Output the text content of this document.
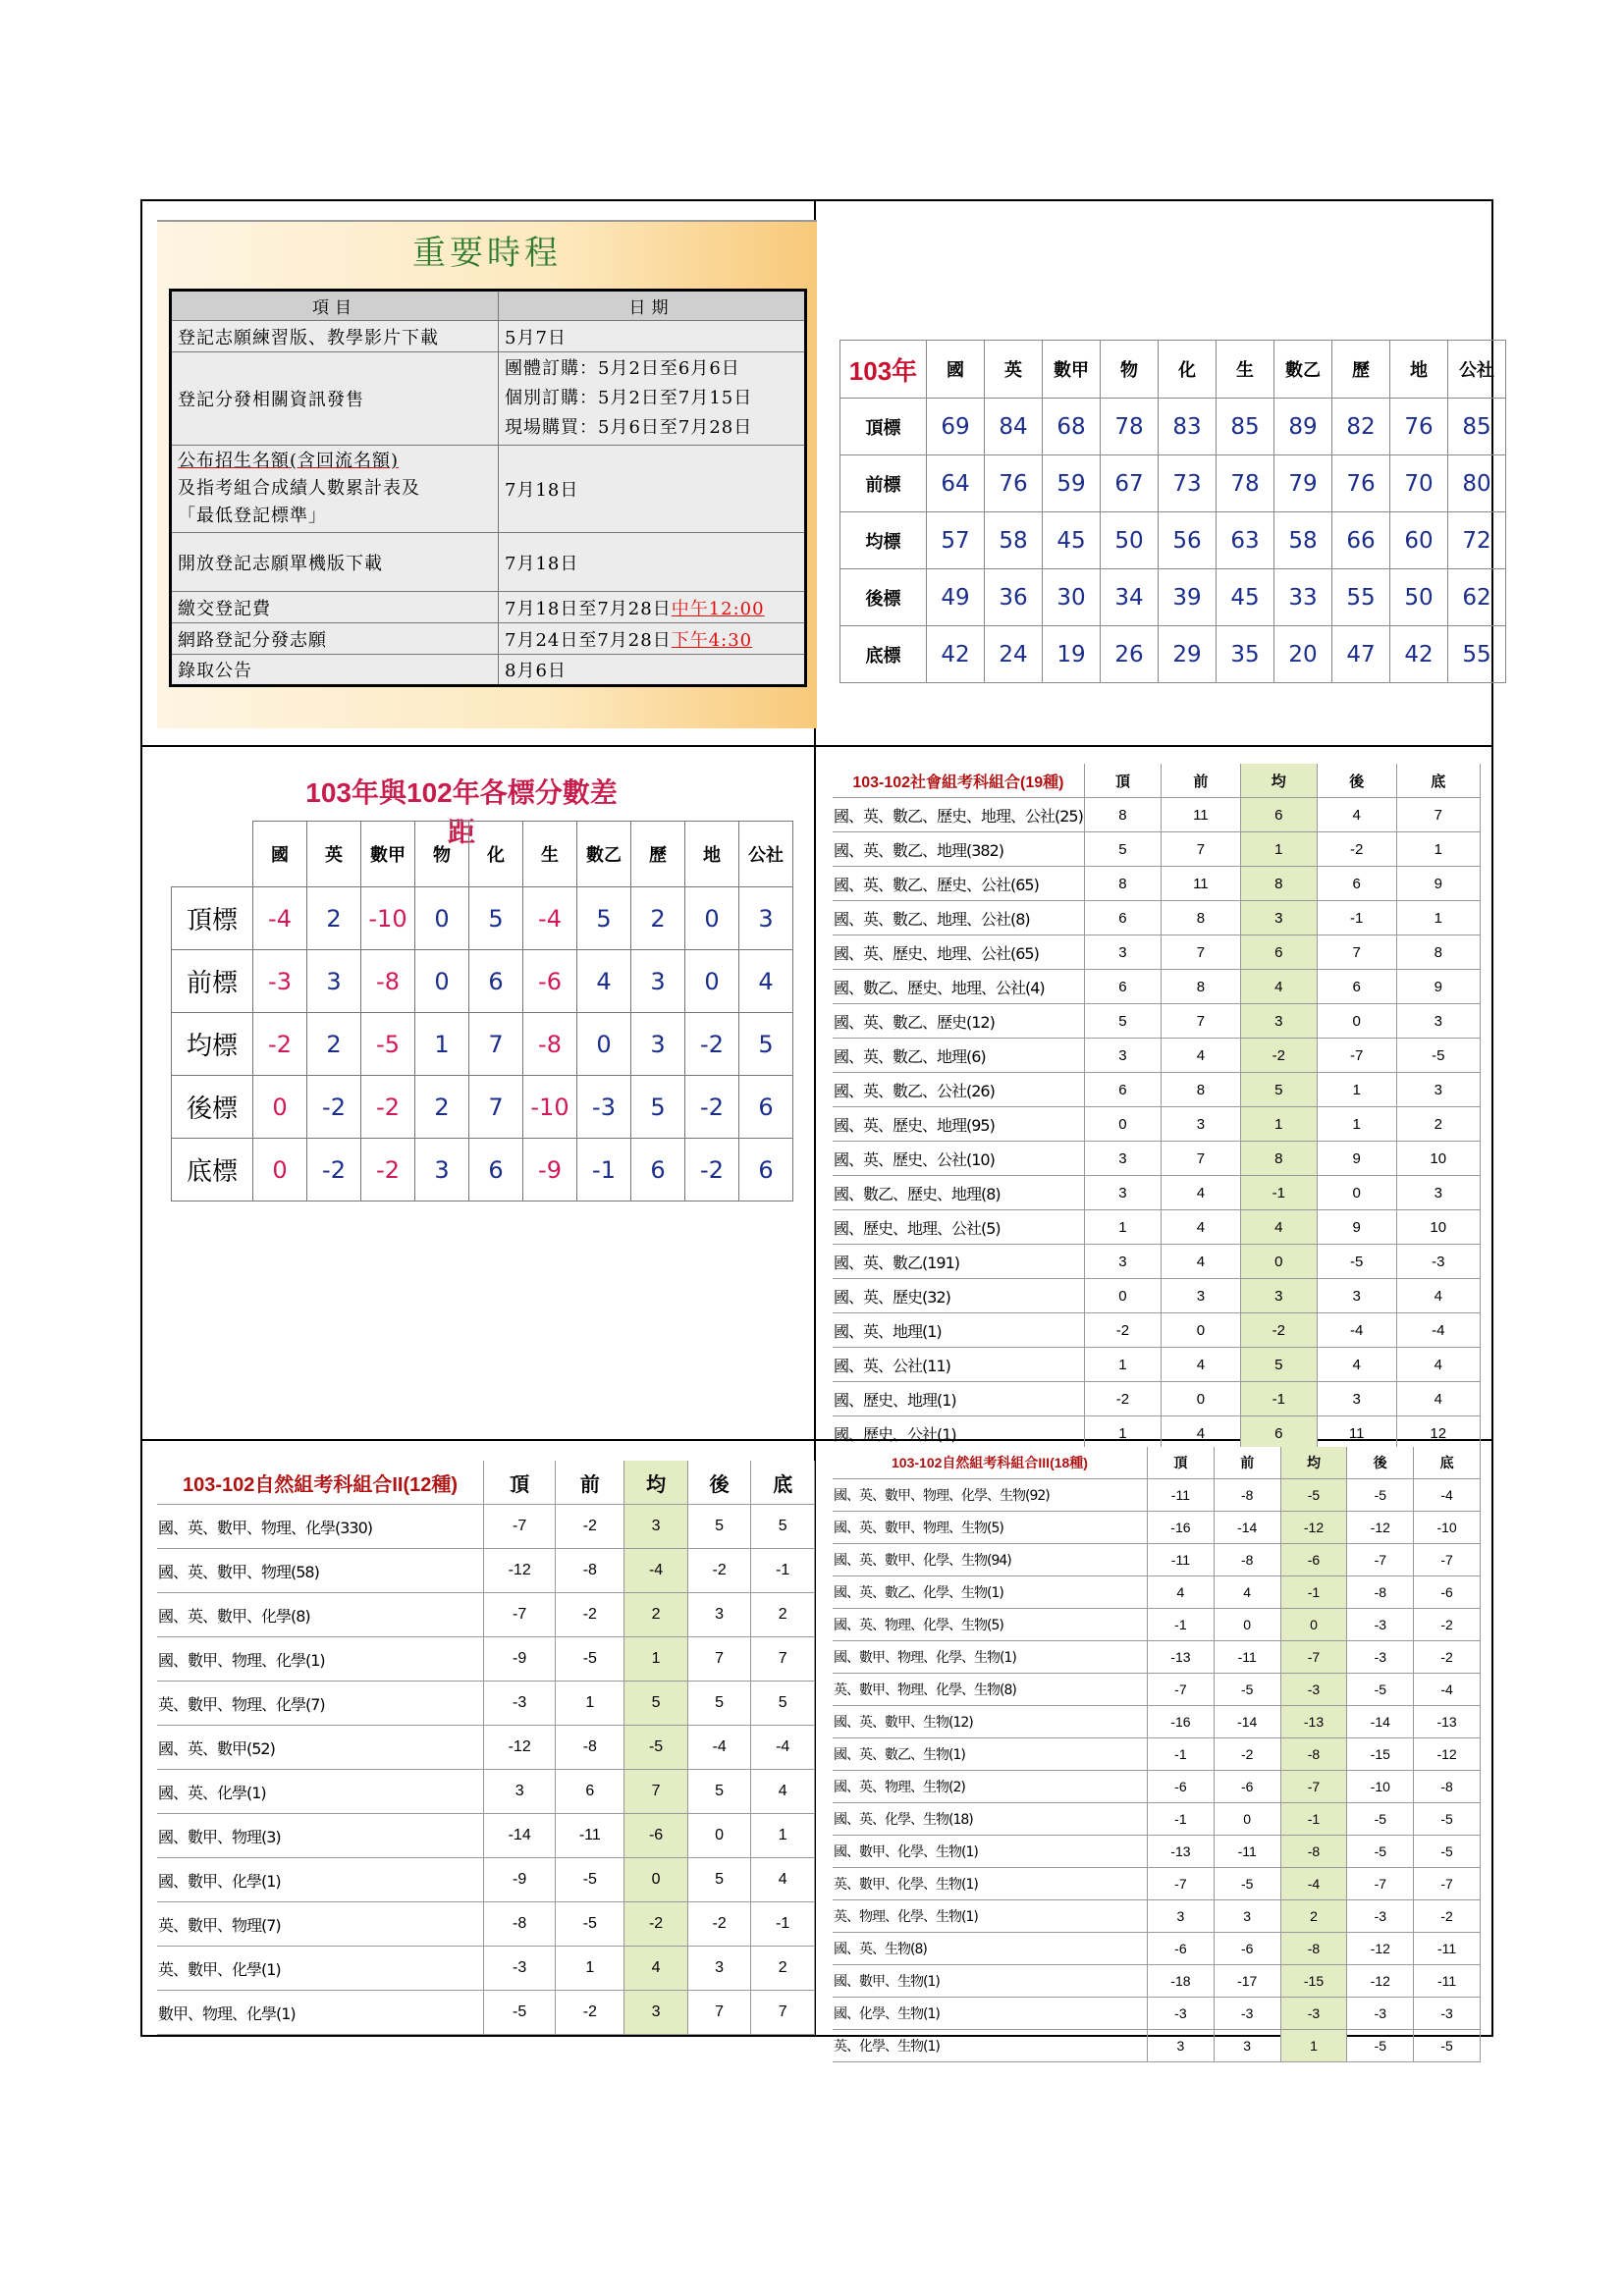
重要時程
項目	日期
登記志願練習版、教學影片下載	5月7日
登記分發相關資訊發售	團體訂購：5月2日至6月6日
個別訂購：5月2日至7月15日
現場購買：5月6日至7月28日

公布招生名額(含回流名額)
及指考組合成績人數累計表及
「最低登記標準」	7月18日
開放登記志願單機版下載	7月18日
繳交登記費	7月18日至7月28日中午12:00
網路登記分發志願	7月24日至7月28日下午4:30
錄取公告	8月6日
103年	國	英	數甲	物	化	生	數乙	歷	地	公社
頂標	69	84	68	78	83	85	89	82	76	85
前標	64	76	59	67	73	78	79	76	70	80
均標	57	58	45	50	56	63	58	66	60	72
後標	49	36	30	34	39	45	33	55	50	62
底標	42	24	19	26	29	35	20	47	42	55
103年與102年各標分數差距
	國	英	數甲	物	化	生	數乙	歷	地	公社
頂標	-4	2	-10	0	5	-4	5	2	0	3
前標	-3	3	-8	0	6	-6	4	3	0	4
均標	-2	2	-5	1	7	-8	0	3	-2	5
後標	0	-2	-2	2	7	-10	-3	5	-2	6
底標	0	-2	-2	3	6	-9	-1	6	-2	6
103-102社會組考科組合(19種)	頂	前	均	後	底
國、英、數乙、歷史、地理、公社(25)	8	11	6	4	7
國、英、數乙、地理(382)	5	7	1	-2	1
國、英、數乙、歷史、公社(65)	8	11	8	6	9
國、英、數乙、地理、公社(8)	6	8	3	-1	1
國、英、歷史、地理、公社(65)	3	7	6	7	8
國、數乙、歷史、地理、公社(4)	6	8	4	6	9
國、英、數乙、歷史(12)	5	7	3	0	3
國、英、數乙、地理(6)	3	4	-2	-7	-5
國、英、數乙、公社(26)	6	8	5	1	3
國、英、歷史、地理(95)	0	3	1	1	2
國、英、歷史、公社(10)	3	7	8	9	10
國、數乙、歷史、地理(8)	3	4	-1	0	3
國、歷史、地理、公社(5)	1	4	4	9	10
國、英、數乙(191)	3	4	0	-5	-3
國、英、歷史(32)	0	3	3	3	4
國、英、地理(1)	-2	0	-2	-4	-4
國、英、公社(11)	1	4	5	4	4
國、歷史、地理(1)	-2	0	-1	3	4
國、歷史、公社(1)	1	4	6	11	12
103-102自然組考科組合II(12種)	頂	前	均	後	底
國、英、數甲、物理、化學(330)	-7	-2	3	5	5
國、英、數甲、物理(58)	-12	-8	-4	-2	-1
國、英、數甲、化學(8)	-7	-2	2	3	2
國、數甲、物理、化學(1)	-9	-5	1	7	7
英、數甲、物理、化學(7)	-3	1	5	5	5
國、英、數甲(52)	-12	-8	-5	-4	-4
國、英、化學(1)	3	6	7	5	4
國、數甲、物理(3)	-14	-11	-6	0	1
國、數甲、化學(1)	-9	-5	0	5	4
英、數甲、物理(7)	-8	-5	-2	-2	-1
英、數甲、化學(1)	-3	1	4	3	2
數甲、物理、化學(1)	-5	-2	3	7	7
103-102自然組考科組合III(18種)	頂	前	均	後	底
國、英、數甲、物理、化學、生物(92)	-11	-8	-5	-5	-4
國、英、數甲、物理、生物(5)	-16	-14	-12	-12	-10
國、英、數甲、化學、生物(94)	-11	-8	-6	-7	-7
國、英、數乙、化學、生物(1)	4	4	-1	-8	-6
國、英、物理、化學、生物(5)	-1	0	0	-3	-2
國、數甲、物理、化學、生物(1)	-13	-11	-7	-3	-2
英、數甲、物理、化學、生物(8)	-7	-5	-3	-5	-4
國、英、數甲、生物(12)	-16	-14	-13	-14	-13
國、英、數乙、生物(1)	-1	-2	-8	-15	-12
國、英、物理、生物(2)	-6	-6	-7	-10	-8
國、英、化學、生物(18)	-1	0	-1	-5	-5
國、數甲、化學、生物(1)	-13	-11	-8	-5	-5
英、數甲、化學、生物(1)	-7	-5	-4	-7	-7
英、物理、化學、生物(1)	3	3	2	-3	-2
國、英、生物(8)	-6	-6	-8	-12	-11
國、數甲、生物(1)	-18	-17	-15	-12	-11
國、化學、生物(1)	-3	-3	-3	-3	-3
英、化學、生物(1)	3	3	1	-5	-5
